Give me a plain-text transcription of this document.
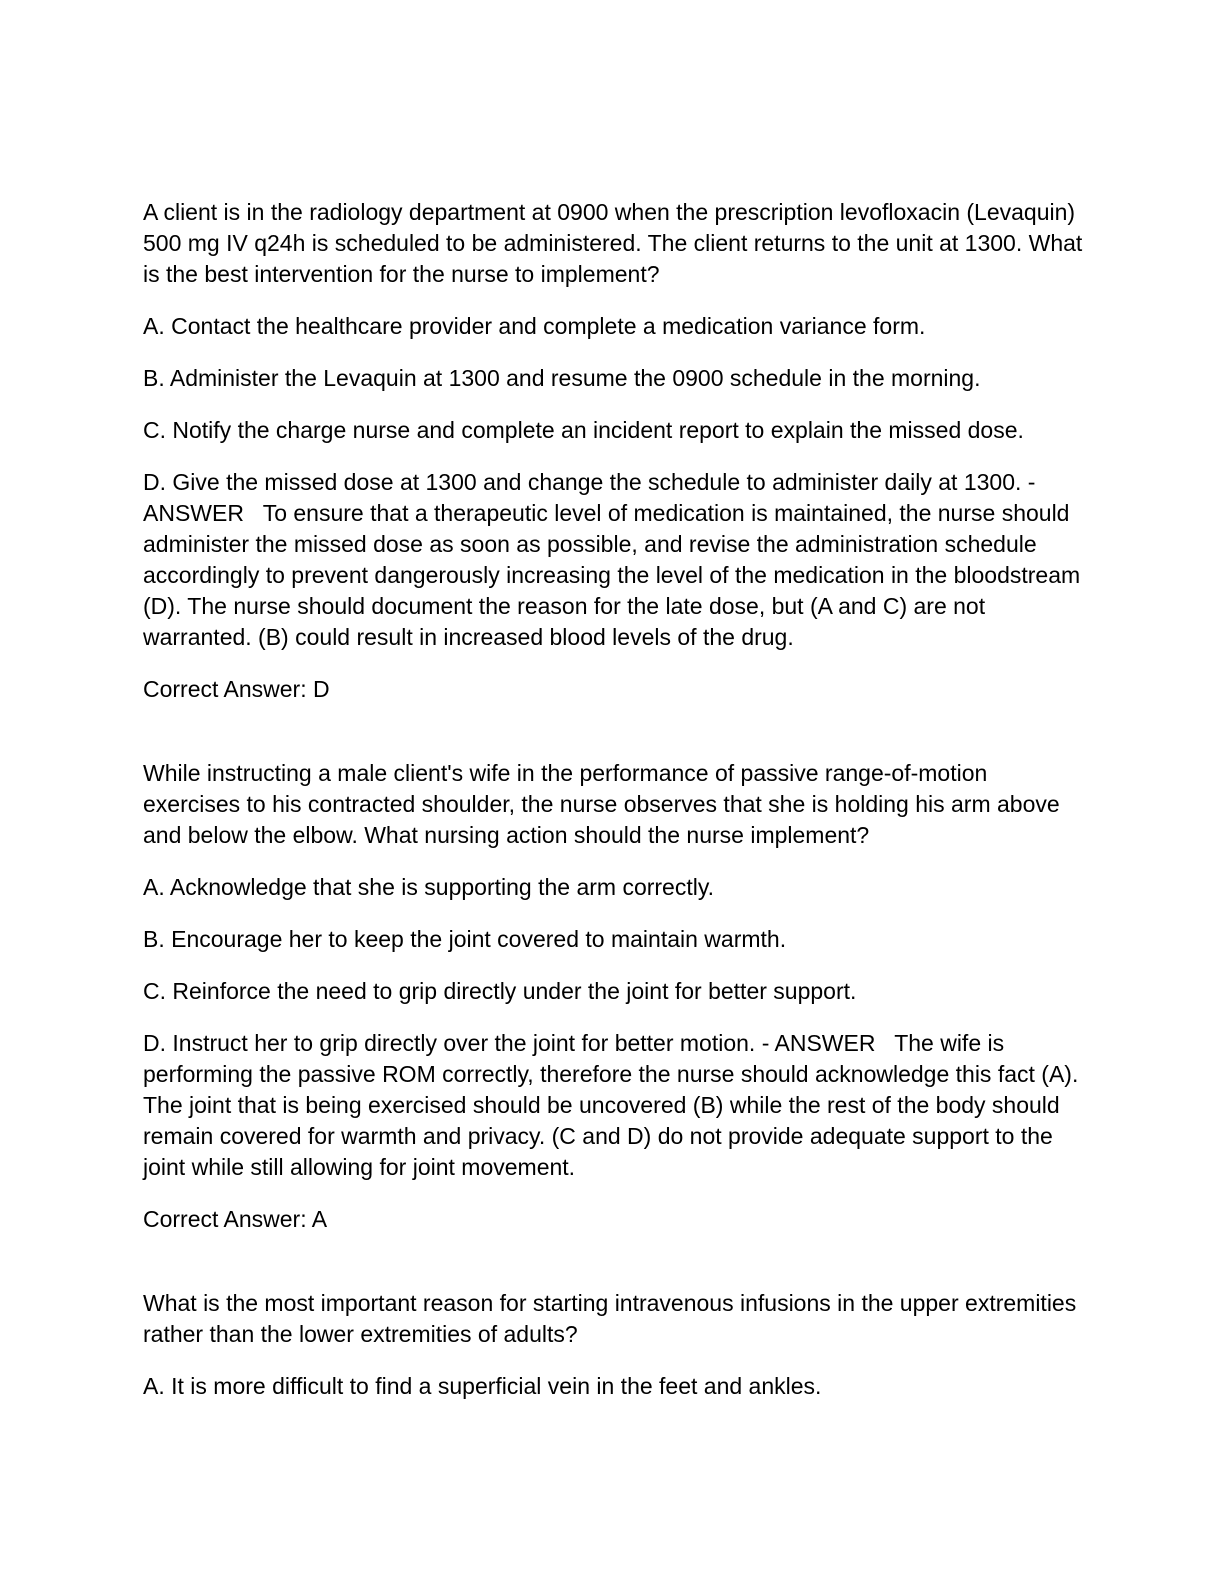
A client is in the radiology department at 0900 when the prescription levofloxacin (Levaquin) 500 mg IV q24h is scheduled to be administered. The client returns to the unit at 1300. What is the best intervention for the nurse to implement?

A. Contact the healthcare provider and complete a medication variance form.

B. Administer the Levaquin at 1300 and resume the 0900 schedule in the morning.

C. Notify the charge nurse and complete an incident report to explain the missed dose.

D. Give the missed dose at 1300 and change the schedule to administer daily at 1300. - ANSWER   To ensure that a therapeutic level of medication is maintained, the nurse should administer the missed dose as soon as possible, and revise the administration schedule accordingly to prevent dangerously increasing the level of the medication in the bloodstream (D). The nurse should document the reason for the late dose, but (A and C) are not warranted. (B) could result in increased blood levels of the drug.

Correct Answer: D

While instructing a male client's wife in the performance of passive range-of-motion exercises to his contracted shoulder, the nurse observes that she is holding his arm above and below the elbow. What nursing action should the nurse implement?

A. Acknowledge that she is supporting the arm correctly.

B. Encourage her to keep the joint covered to maintain warmth.

C. Reinforce the need to grip directly under the joint for better support.

D. Instruct her to grip directly over the joint for better motion. - ANSWER   The wife is performing the passive ROM correctly, therefore the nurse should acknowledge this fact (A). The joint that is being exercised should be uncovered (B) while the rest of the body should remain covered for warmth and privacy. (C and D) do not provide adequate support to the joint while still allowing for joint movement.

Correct Answer: A

What is the most important reason for starting intravenous infusions in the upper extremities rather than the lower extremities of adults?

A. It is more difficult to find a superficial vein in the feet and ankles.
